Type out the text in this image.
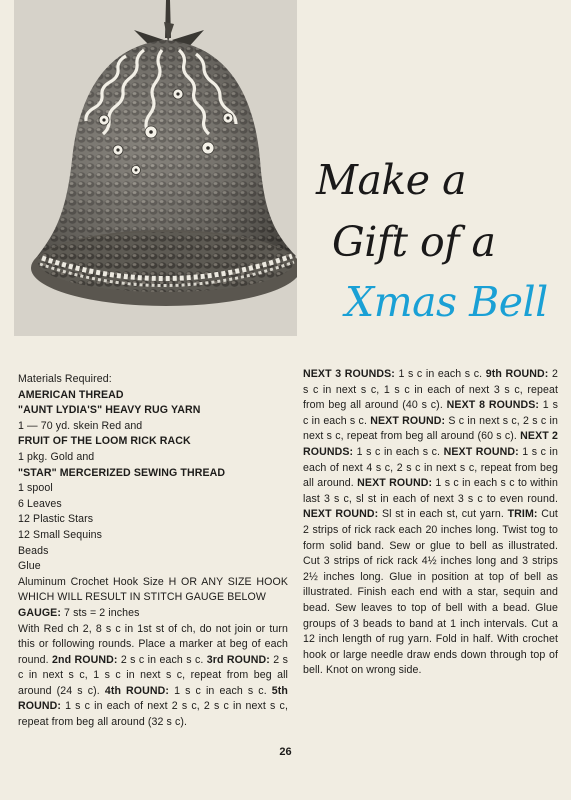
Make a
Gift of a
Xmas Bell

Materials Required:

AMERICAN THREAD

"AUNT LYDIA'S" HEAVY RUG YARN

1 — 70 yd. skein Red and

FRUIT OF THE LOOM RICK RACK

1 pkg. Gold and

"STAR" MERCERIZED SEWING THREAD

1 spool

6 Leaves

12 Plastic Stars

12 Small Sequins

Beads

Glue

Aluminum Crochet Hook Size H OR ANY SIZE HOOK WHICH WILL RESULT IN STITCH GAUGE BELOW

GAUGE: 7 sts = 2 inches

With Red ch 2, 8 s c in 1st st of ch, do not join or turn this or following rounds. Place a marker at beg of each round. 2nd ROUND: 2 s c in each s c. 3rd ROUND: 2 s c in next s c, 1 s c in next s c, repeat from beg all around (24 s c). 4th ROUND: 1 s c in each s c. 5th ROUND: 1 s c in each of next 2 s c, 2 s c in next s c, repeat from beg all around (32 s c).

NEXT 3 ROUNDS: 1 s c in each s c. 9th ROUND: 2 s c in next s c, 1 s c in each of next 3 s c, repeat from beg all around (40 s c). NEXT 8 ROUNDS: 1 s c in each s c. NEXT ROUND: S c in next s c, 2 s c in next s c, repeat from beg all around (60 s c). NEXT 2 ROUNDS: 1 s c in each s c. NEXT ROUND: 1 s c in each of next 4 s c, 2 s c in next s c, repeat from beg all around. NEXT ROUND: 1 s c in each s c to within last 3 s c, sl st in each of next 3 s c to even round. NEXT ROUND: Sl st in each st, cut yarn. TRIM: Cut 2 strips of rick rack each 20 inches long. Twist tog to form solid band. Sew or glue to bell as illustrated. Cut 3 strips of rick rack 4½ inches long and 3 strips 2½ inches long. Glue in position at top of bell as illustrated. Finish each end with a star, sequin and bead. Sew leaves to top of bell with a bead. Glue groups of 3 beads to band at 1 inch intervals. Cut a 12 inch length of rug yarn. Fold in half. With crochet hook or large needle draw ends down through top of bell. Knot on wrong side.

26
